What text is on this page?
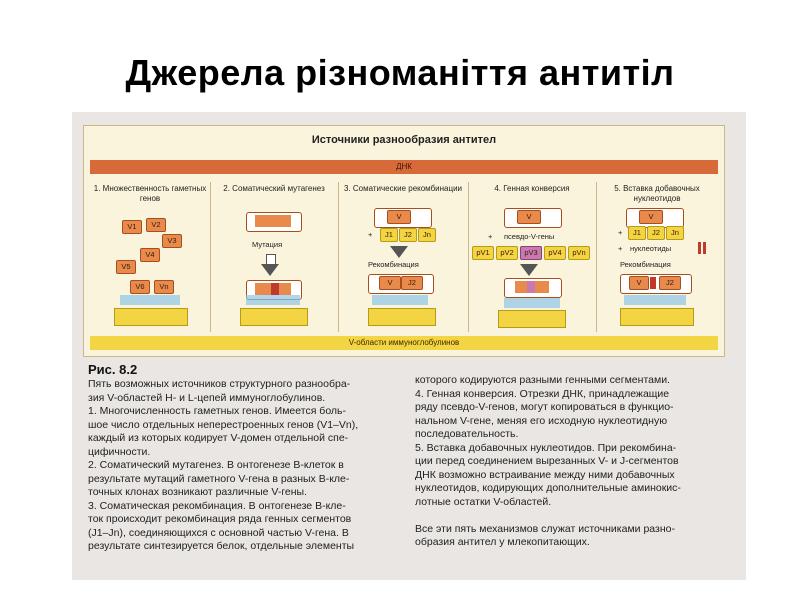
Джерела різноманіття антитіл
Источники разнообразия антител
ДНК
1. Множественность гаметных генов
V1	V2
V3
V4
V5
V6	Vn
2. Соматический мутагенез
Мутация
3. Соматические рекомбинации
V
+	J1	J2	Jn
Рекомбинация
V	J2
4. Генная конверсия
V
+ псевдо-V-гены
pV1	pV2	pV3	pV4	pVn
5. Вставка добавочных нуклеотидов
V
+	J1	J2	Jn
+ нуклеотиды
Рекомбинация
V	J2
V-области иммуноглобулинов
Рис. 8.2

Пять возможных источников структурного разнообра-

зия V-областей H- и L-цепей иммуноглобулинов.

1. Многочисленность гаметных генов. Имеется боль-

шое число отдельных неперестроенных генов (V1–Vn),

каждый из которых кодирует V-домен отдельной спе-

цифичности.

2. Соматический мутагенез. В онтогенезе В-клеток в

результате мутаций гаметного V-гена в разных В-кле-

точных клонах возникают различные V-гены.

3. Соматическая рекомбинация. В онтогенезе В-кле-

ток происходит рекомбинация ряда генных сегментов

(J1–Jn), соединяющихся с основной частью V-гена. В

результате синтезируется белок, отдельные элементы

которого кодируются разными генными сегментами.

4. Генная конверсия. Отрезки ДНК, принадлежащие

ряду псевдо-V-генов, могут копироваться в функцио-

нальном V-гене, меняя его исходную нуклеотидную

последовательность.

5. Вставка добавочных нуклеотидов. При рекомбина-

ции перед соединением вырезанных V- и J-сегментов

ДНК возможно встраивание между ними добавочных

нуклеотидов, кодирующих дополнительные аминокис-

лотные остатки V-областей.

Все эти пять механизмов служат источниками разно-

образия антител у млекопитающих.
